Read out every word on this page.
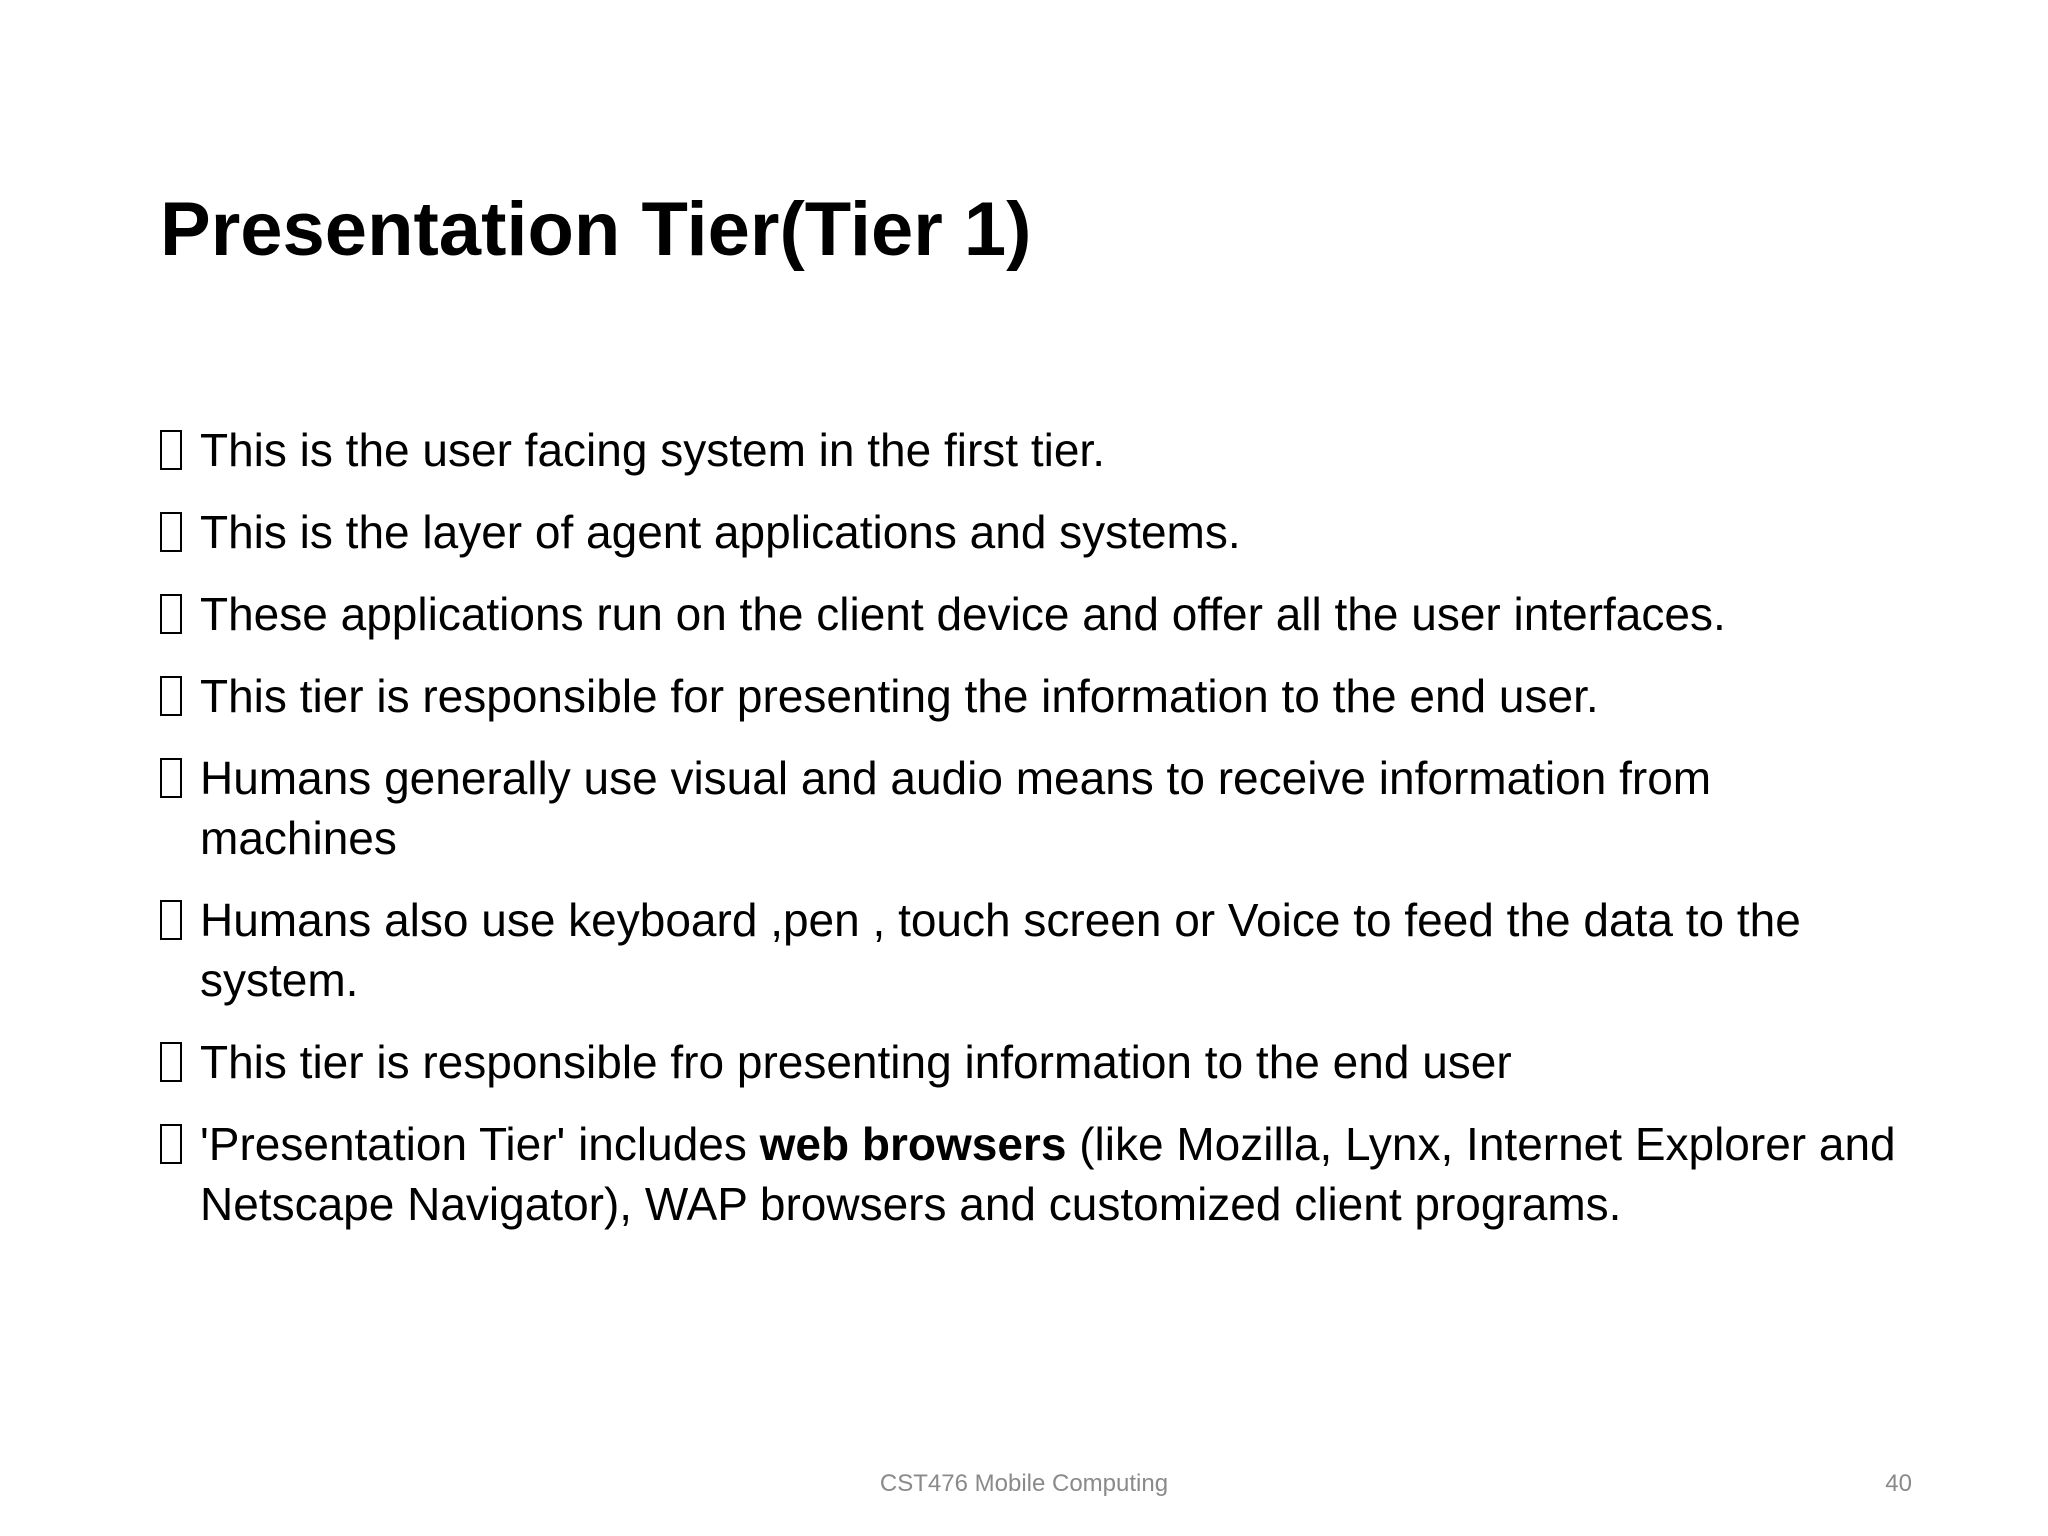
Presentation Tier(Tier 1)
This is the user facing system in the first tier.
This is the layer of agent applications and systems.
These applications run on the client device and offer all the user interfaces.
This tier is responsible for presenting the information to the end user.
Humans generally use visual and audio means to receive information from machines
Humans also use keyboard ,pen , touch screen or Voice to feed the data to the system.
This tier is responsible fro presenting information to the end user
'Presentation Tier' includes web browsers (like Mozilla, Lynx, Internet Explorer and Netscape Navigator), WAP browsers and customized client programs.
CST476 Mobile Computing	40
